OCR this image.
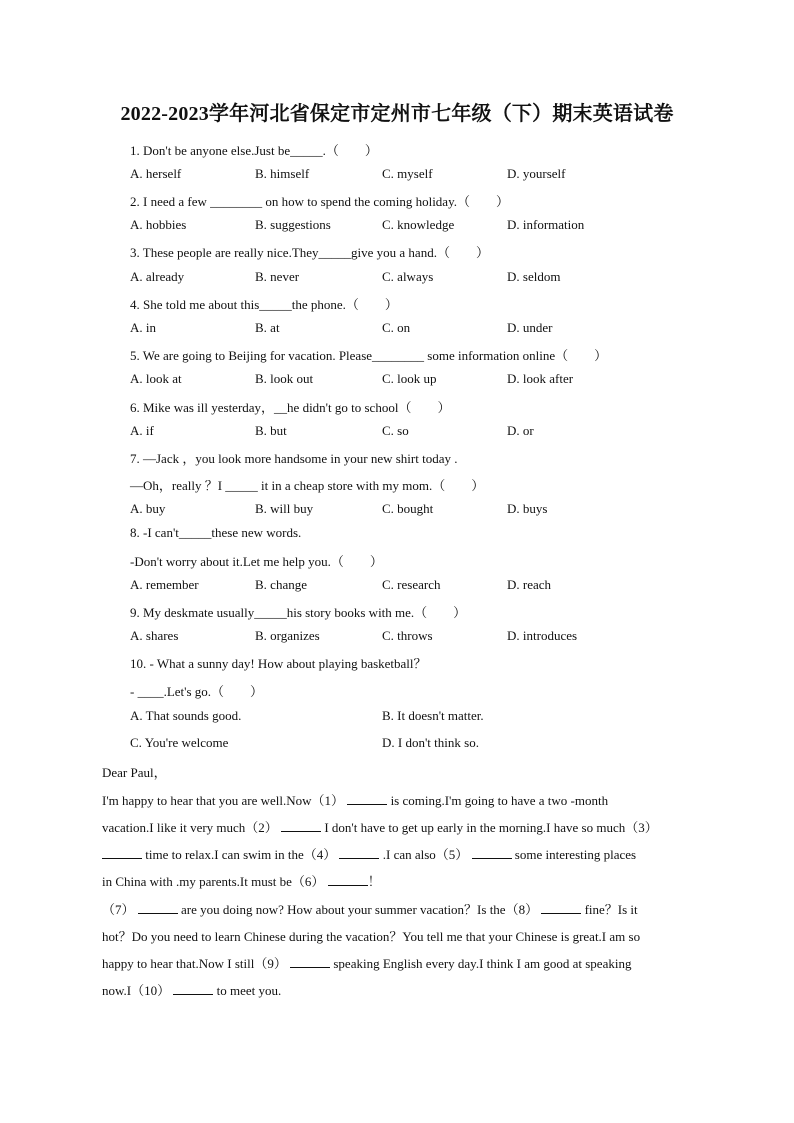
2022-2023学年河北省保定市定州市七年级（下）期末英语试卷
1. Don't be anyone else.Just be_____.（　　）
A. herself	B. himself	C. myself	D. yourself
2. I need a few ________ on how to spend the coming holiday.（　　）
A. hobbies	B. suggestions	C. knowledge	D. information
3. These people are really nice.They_____give you a hand.（　　）
A. already	B. never	C. always	D. seldom
4. She told me about this_____the phone.（　　）
A. in	B. at	C. on	D. under
5. We are going to Beijing for vacation. Please________ some information online（　　）
A. look at	B. look out	C. look up	D. look after
6. Mike was ill yesterday，__he didn't go to school（　　）
A. if	B. but	C. so	D. or
7. —Jack ，you look more handsome in your new shirt today .
—Oh，really ？I _____ it in a cheap store with my mom.（　　）
A. buy	B. will buy	C. bought	D. buys
8. -I can't_____these new words.
-Don't worry about it.Let me help you.（　　）
A. remember	B. change	C. research	D. reach
9. My deskmate usually_____his story books with me.（　　）
A. shares	B. organizes	C. throws	D. introduces
10. - What a sunny day! How about playing basketball？
- ____.Let's go.（　　）
A. That sounds good.	B. It doesn't matter.
C. You're welcome	D. I don't think so.
Dear Paul，
I'm happy to hear that you are well.Now（1）	is coming.I'm going to have a two -month
vacation.I like it very much（2）	I don't have to get up early in the morning.I have so much（3）
time to relax.I can swim in the（4）	.I can also（5）	some interesting places
in China with .my parents.It must be（6）	！
（7）	are you doing now? How about your summer vacation？Is the（8）	fine？Is it
hot？Do you need to learn Chinese during the vacation？You tell me that your Chinese is great.I am so
happy to hear that.Now I still（9）	speaking English every day.I think I am good at speaking
now.I（10）	to meet you.
